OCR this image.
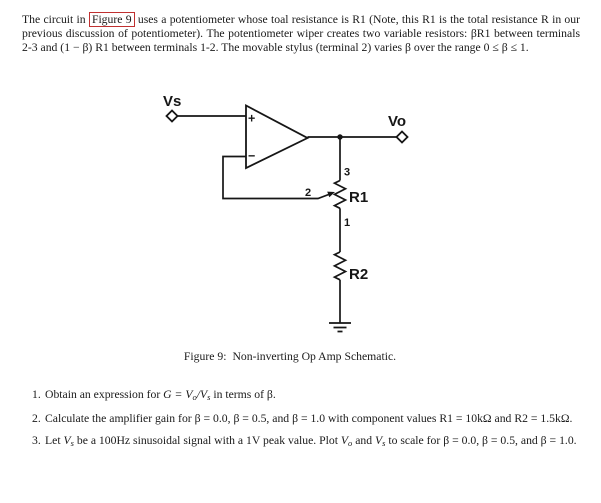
The circuit in Figure 9 uses a potentiometer whose toal resistance is R1 (Note, this R1 is the total resistance R in our previous discussion of potentiometer). The potentiometer wiper creates two variable resistors: βR1 between terminals 2-3 and (1 − β) R1 between terminals 1-2. The movable stylus (terminal 2) varies β over the range 0 ≤ β ≤ 1.

Vs
+
−
Vo
3
R1
2
1
R2
Figure 9: Non-inverting Op Amp Schematic.
1. Obtain an expression for $G = V_o/V_s$ in terms of β.
2. Calculate the amplifier gain for β = 0.0, β = 0.5, and β = 1.0 with component values R1 = 10kΩ and R2 = 1.5kΩ.
3. Let $V_s$ be a 100Hz sinusoidal signal with a 1V peak value. Plot $V_o$ and $V_s$ to scale for β = 0.0, β = 0.5, and β = 1.0.
